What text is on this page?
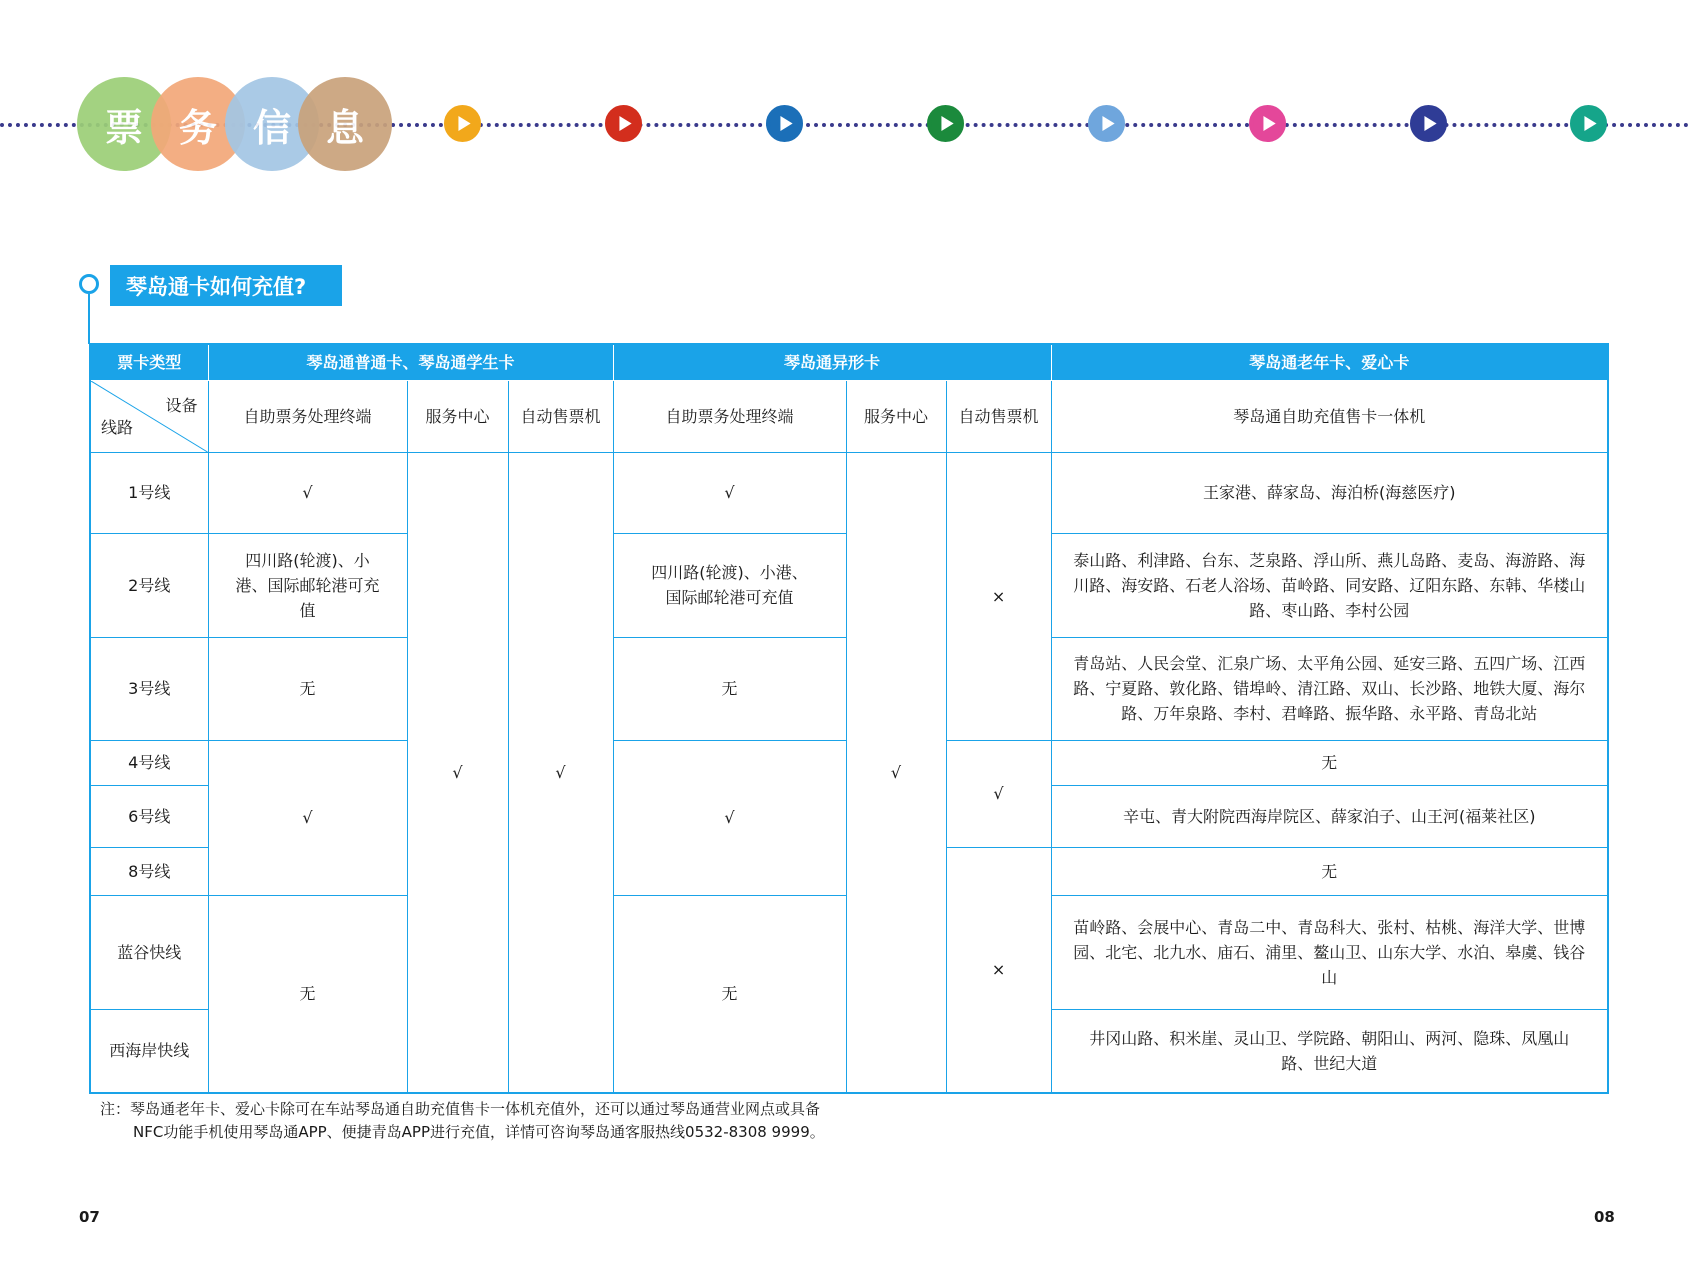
票 务 信 息
琴岛通卡如何充值?
票卡类型	琴岛通普通卡、琴岛通学生卡			琴岛通异形卡			琴岛通老年卡、爱心卡

设备
线路	自助票务处理终端	服务中心	自动售票机	自助票务处理终端	服务中心	自动售票机	琴岛通自助充值售卡一体机
1号线	√	√	√	√	√	×	王家港、薛家岛、海泊桥(海慈医疗)
2号线	四川路(轮渡)、小港、国际邮轮港可充值			四川路(轮渡)、小港、国际邮轮港可充值			泰山路、利津路、台东、芝泉路、浮山所、燕儿岛路、麦岛、海游路、海川路、海安路、石老人浴场、苗岭路、同安路、辽阳东路、东韩、华楼山路、枣山路、李村公园
3号线	无			无			青岛站、人民会堂、汇泉广场、太平角公园、延安三路、五四广场、江西路、宁夏路、敦化路、错埠岭、清江路、双山、长沙路、地铁大厦、海尔路、万年泉路、李村、君峰路、振华路、永平路、青岛北站
4号线	√			√		√	无
6号线							辛屯、青大附院西海岸院区、薛家泊子、山王河(福莱社区)
8号线						×	无
蓝谷快线	无			无			苗岭路、会展中心、青岛二中、青岛科大、张村、枯桃、海洋大学、世博园、北宅、北九水、庙石、浦里、鳌山卫、山东大学、水泊、皋虞、钱谷山
西海岸快线							井冈山路、积米崖、灵山卫、学院路、朝阳山、两河、隐珠、凤凰山路、世纪大道
注：琴岛通老年卡、爱心卡除可在车站琴岛通自助充值售卡一体机充值外，还可以通过琴岛通营业网点或具备
NFC功能手机使用琴岛通APP、便捷青岛APP进行充值，详情可咨询琴岛通客服热线0532-8308 9999。
07	08
